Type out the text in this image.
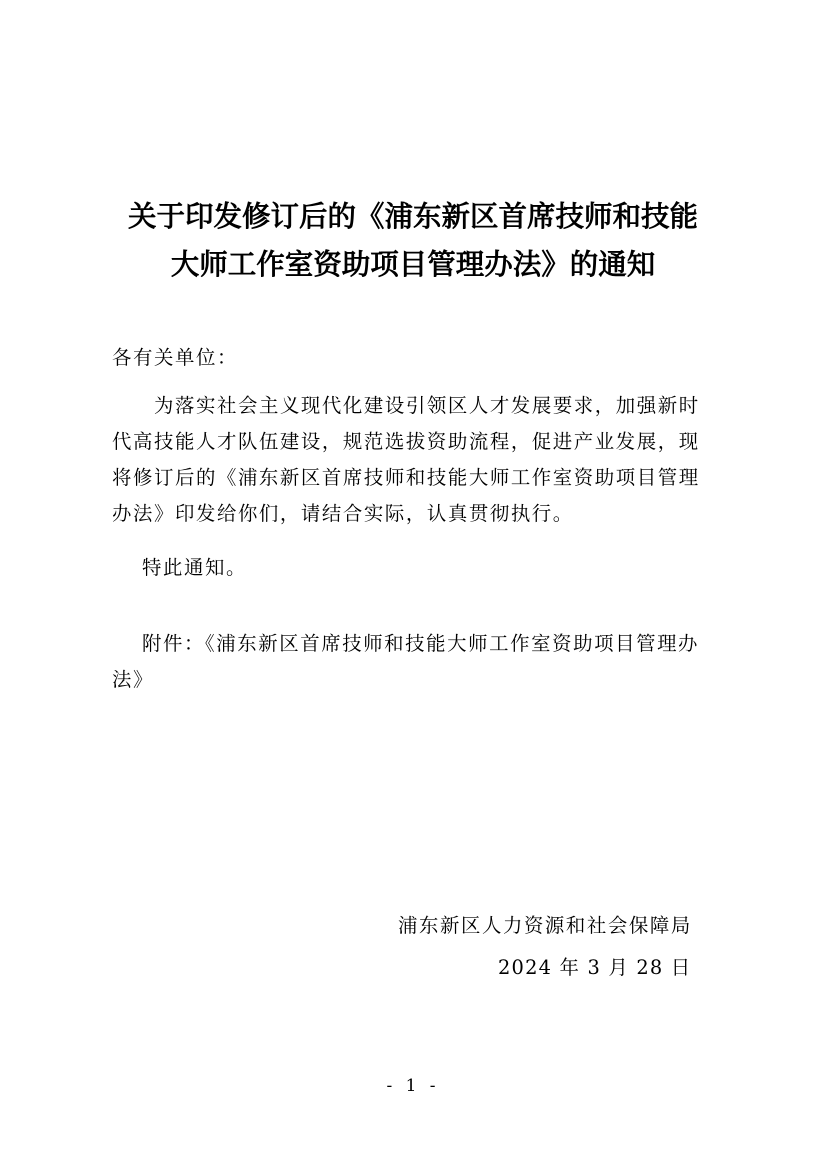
关于印发修订后的《浦东新区首席技师和技能
大师工作室资助项目管理办法》的通知
各有关单位：
为落实社会主义现代化建设引领区人才发展要求，加强新时
代高技能人才队伍建设，规范选拔资助流程，促进产业发展，现
将修订后的《浦东新区首席技师和技能大师工作室资助项目管理
办法》印发给你们，请结合实际，认真贯彻执行。
特此通知。
附件：《浦东新区首席技师和技能大师工作室资助项目管理办
法》
浦东新区人力资源和社会保障局
2024 年 3 月 28 日
- 1 -
